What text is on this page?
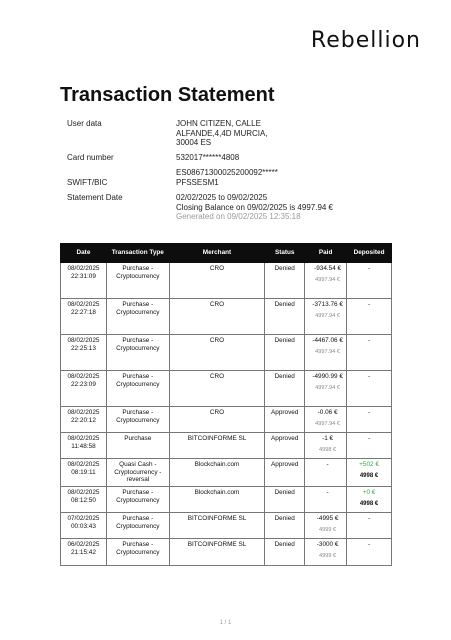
Rebellion
Transaction Statement
User data	JOHN CITIZEN, CALLE
ALFANDE,4,4D MURCIA,
30004 ES
Card number	532017******4808
ES08671300025200092*****
SWIFT/BIC	PFSSESM1
Statement Date	02/02/2025 to 09/02/2025
Closing Balance on 09/02/2025 is 4997.94 €
Generated on 09/02/2025 12:35:18
Date	Transaction Type	Merchant	Status	Paid	Deposited
08/02/2025
22:31:09	Purchase - Cryptocurrency	CRO	Denied	-934.54 €
4997.94 €	-

08/02/2025
22:27:18	Purchase - Cryptocurrency	CRO	Denied	-3713.76 €
4997.94 €	-

08/02/2025
22:25:13	Purchase - Cryptocurrency	CRO	Denied	-4467.06 €
4997.94 €	-

08/02/2025
22:23:09	Purchase - Cryptocurrency	CRO	Denied	-4990.99 €
4997.94 €	-

08/02/2025
22:20:12	Purchase - Cryptocurrency	CRO	Approved	-0.06 €
4997.94 €	-

08/02/2025
11:48:58	Purchase	BITCOINFORME SL	Approved	-1 €
4998 €	-

08/02/2025
08:19:11	Quasi Cash - Cryptocurrency - reversal	Blockchain.com	Approved	-	+502 €
4998 €

08/02/2025
08:12:50	Purchase - Cryptocurrency	Blockchain.com	Denied	-	+0 €
4998 €

07/02/2025
00:03:43	Purchase - Cryptocurrency	BITCOINFORME SL	Denied	-4995 €
4999 €	-

06/02/2025
21:15:42	Purchase - Cryptocurrency	BITCOINFORME SL	Denied	-3000 €
4999 €	-
1 / 1
